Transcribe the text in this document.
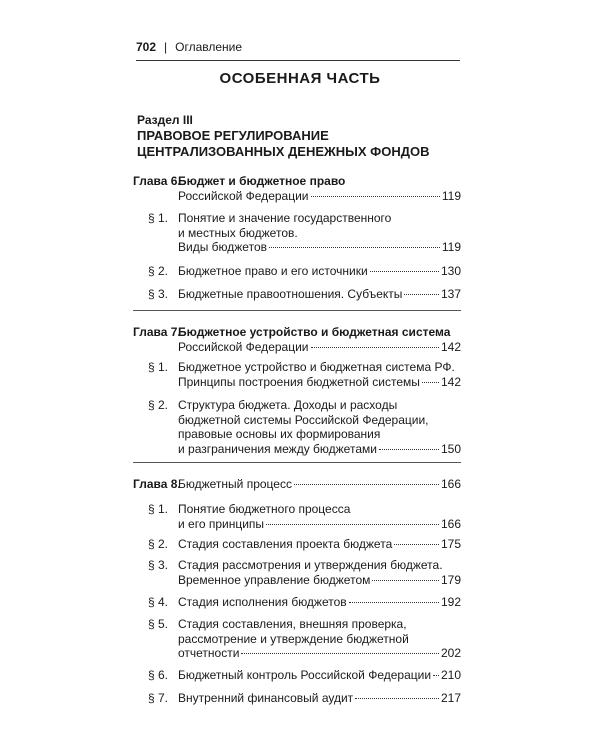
702 | Оглавление
ОСОБЕННАЯ ЧАСТЬ
Раздел III
ПРАВОВОЕ РЕГУЛИРОВАНИЕ
ЦЕНТРАЛИЗОВАННЫХ ДЕНЕЖНЫХ ФОНДОВ
Глава 6.
Бюджет и бюджетное право
Российской Федерации	119
§ 1. Понятие и значение государственного
и местных бюджетов.
Виды бюджетов	119
§ 2. Бюджетное право и его источники	130
§ 3. Бюджетные правоотношения. Субъекты	137
Глава 7.
Бюджетное устройство и бюджетная система
Российской Федерации	142
§ 1. Бюджетное устройство и бюджетная система РФ.
Принципы построения бюджетной системы 142
§ 2. Структура бюджета. Доходы и расходы
бюджетной системы Российской Федерации,
правовые основы их формирования
и разграничения между бюджетами	150
Глава 8.
Бюджетный процесс	166
§ 1. Понятие бюджетного процесса
и его принципы	166
§ 2. Стадия составления проекта бюджета	175
§ 3. Стадия рассмотрения и утверждения бюджета.
Временное управление бюджетом	179
§ 4. Стадия исполнения бюджетов	192
§ 5. Стадия составления, внешняя проверка,
рассмотрение и утверждение бюджетной
отчетности	202
§ 6. Бюджетный контроль Российской Федерации 210
§ 7. Внутренний финансовый аудит	217
